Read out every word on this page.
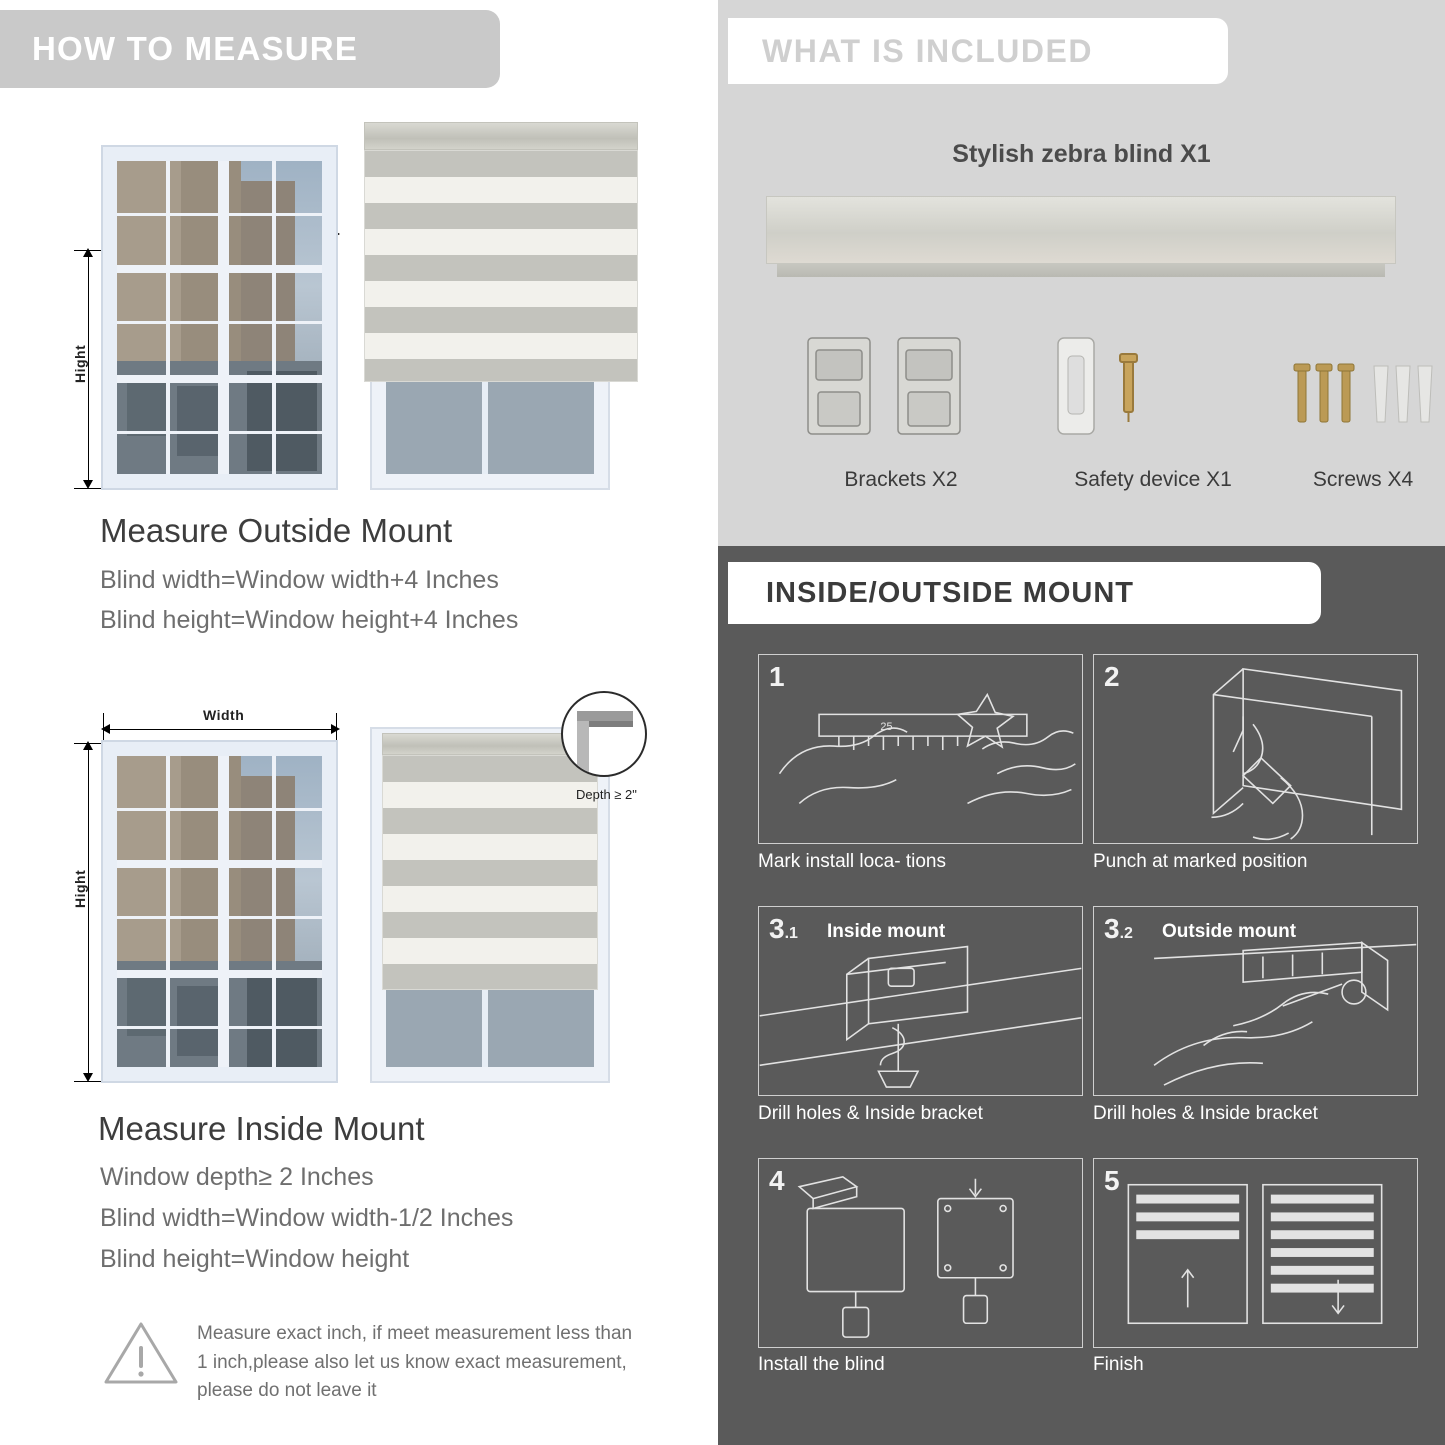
HOW TO MEASURE
Hight
Measure Outside Mount
Blind width=Window width+4 Inches
Blind height=Window height+4 Inches
Width
Hight
Depth ≥ 2"
Measure Inside Mount
Window depth≥ 2 Inches
Blind width=Window width-1/2 Inches
Blind height=Window height
Measure exact inch, if meet measurement less than 1 inch,please also let us know exact measurement, please do not leave it
WHAT IS INCLUDED
Stylish zebra blind X1
Brackets X2	Safety device X1	Screws X4
INSIDE/OUTSIDE MOUNT
1
25
Mark install loca- tions
2
Punch at marked position
3.1 Inside mount
Drill holes & Inside bracket
3.2 Outside mount
Drill holes & Inside bracket
4
Install the blind
5
Finish
